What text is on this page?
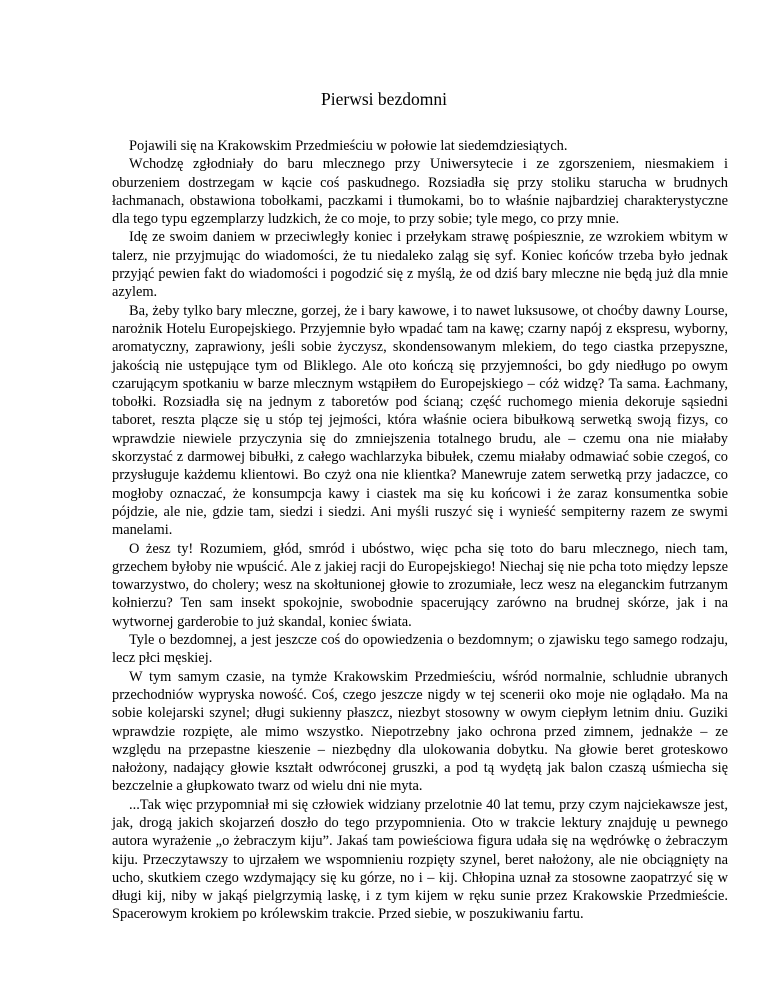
Pierwsi bezdomni

Pojawili się na Krakowskim Przedmieściu w połowie lat siedemdziesiątych.

Wchodzę zgłodniały do baru mlecznego przy Uniwersytecie i ze zgorszeniem, niesmakiem i oburzeniem dostrzegam w kącie coś paskudnego. Rozsiadła się przy stoliku starucha w brudnych łachmanach, obstawiona tobołkami, paczkami i tłumokami, bo to właśnie najbardziej charakterystyczne dla tego typu egzemplarzy ludzkich, że co moje, to przy sobie; tyle mego, co przy mnie.

Idę ze swoim daniem w przeciwległy koniec i przełykam strawę pośpiesznie, ze wzrokiem wbitym w talerz, nie przyjmując do wiadomości, że tu niedaleko zaląg się syf. Koniec końców trzeba było jednak przyjąć pewien fakt do wiadomości i pogodzić się z myślą, że od dziś bary mleczne nie będą już dla mnie azylem.

Ba, żeby tylko bary mleczne, gorzej, że i bary kawowe, i to nawet luksusowe, ot choćby dawny Lourse, narożnik Hotelu Europejskiego. Przyjemnie było wpadać tam na kawę; czarny napój z ekspresu, wyborny, aromatyczny, zaprawiony, jeśli sobie życzysz, skondensowanym mlekiem, do tego ciastka przepyszne, jakością nie ustępujące tym od Bliklego. Ale oto kończą się przyjemności, bo gdy niedługo po owym czarującym spotkaniu w barze mlecznym wstąpiłem do Europejskiego – cóż widzę? Ta sama. Łachmany, tobołki. Rozsiadła się na jednym z taboretów pod ścianą; część ruchomego mienia dekoruje sąsiedni taboret, reszta plącze się u stóp tej jejmości, która właśnie ociera bibułkową serwetką swoją fizys, co wprawdzie niewiele przyczynia się do zmniejszenia totalnego brudu, ale – czemu ona nie miałaby skorzystać z darmowej bibułki, z całego wachlarzyka bibułek, czemu miałaby odmawiać sobie czegoś, co przysługuje każdemu klientowi. Bo czyż ona nie klientka? Manewruje zatem serwetką przy jadaczce, co mogłoby oznaczać, że konsumpcja kawy i ciastek ma się ku końcowi i że zaraz konsumentka sobie pójdzie, ale nie, gdzie tam, siedzi i siedzi. Ani myśli ruszyć się i wynieść sempiterny razem ze swymi manelami.

O żesz ty! Rozumiem, głód, smród i ubóstwo, więc pcha się toto do baru mlecznego, niech tam, grzechem byłoby nie wpuścić. Ale z jakiej racji do Europejskiego! Niechaj się nie pcha toto między lepsze towarzystwo, do cholery; wesz na skołtunionej głowie to zrozumiałe, lecz wesz na eleganckim futrzanym kołnierzu? Ten sam insekt spokojnie, swobodnie spacerujący zarówno na brudnej skórze, jak i na wytwornej garderobie to już skandal, koniec świata.

Tyle o bezdomnej, a jest jeszcze coś do opowiedzenia o bezdomnym; o zjawisku tego samego rodzaju, lecz płci męskiej.

W tym samym czasie, na tymże Krakowskim Przedmieściu, wśród normalnie, schludnie ubranych przechodniów wypryska nowość. Coś, czego jeszcze nigdy w tej scenerii oko moje nie oglądało. Ma na sobie kolejarski szynel; długi sukienny płaszcz, niezbyt stosowny w owym ciepłym letnim dniu. Guziki wprawdzie rozpięte, ale mimo wszystko. Niepotrzebny jako ochrona przed zimnem, jednakże – ze względu na przepastne kieszenie – niezbędny dla ulokowania dobytku. Na głowie beret groteskowo nałożony, nadający głowie kształt odwróconej gruszki, a pod tą wydętą jak balon czaszą uśmiecha się bezczelnie a głupkowato twarz od wielu dni nie myta.

...Tak więc przypomniał mi się człowiek widziany przelotnie 40 lat temu, przy czym najciekawsze jest, jak, drogą jakich skojarzeń doszło do tego przypomnienia. Oto w trakcie lektury znajduję u pewnego autora wyrażenie „o żebraczym kiju”. Jakaś tam powieściowa figura udała się na wędrówkę o żebraczym kiju. Przeczytawszy to ujrzałem we wspomnieniu rozpięty szynel, beret nałożony, ale nie obciągnięty na ucho, skutkiem czego wzdymający się ku górze, no i – kij. Chłopina uznał za stosowne zaopatrzyć się w długi kij, niby w jakąś pielgrzymią laskę, i z tym kijem w ręku sunie przez Krakowskie Przedmieście. Spacerowym krokiem po królewskim trakcie. Przed siebie, w poszukiwaniu fartu.
